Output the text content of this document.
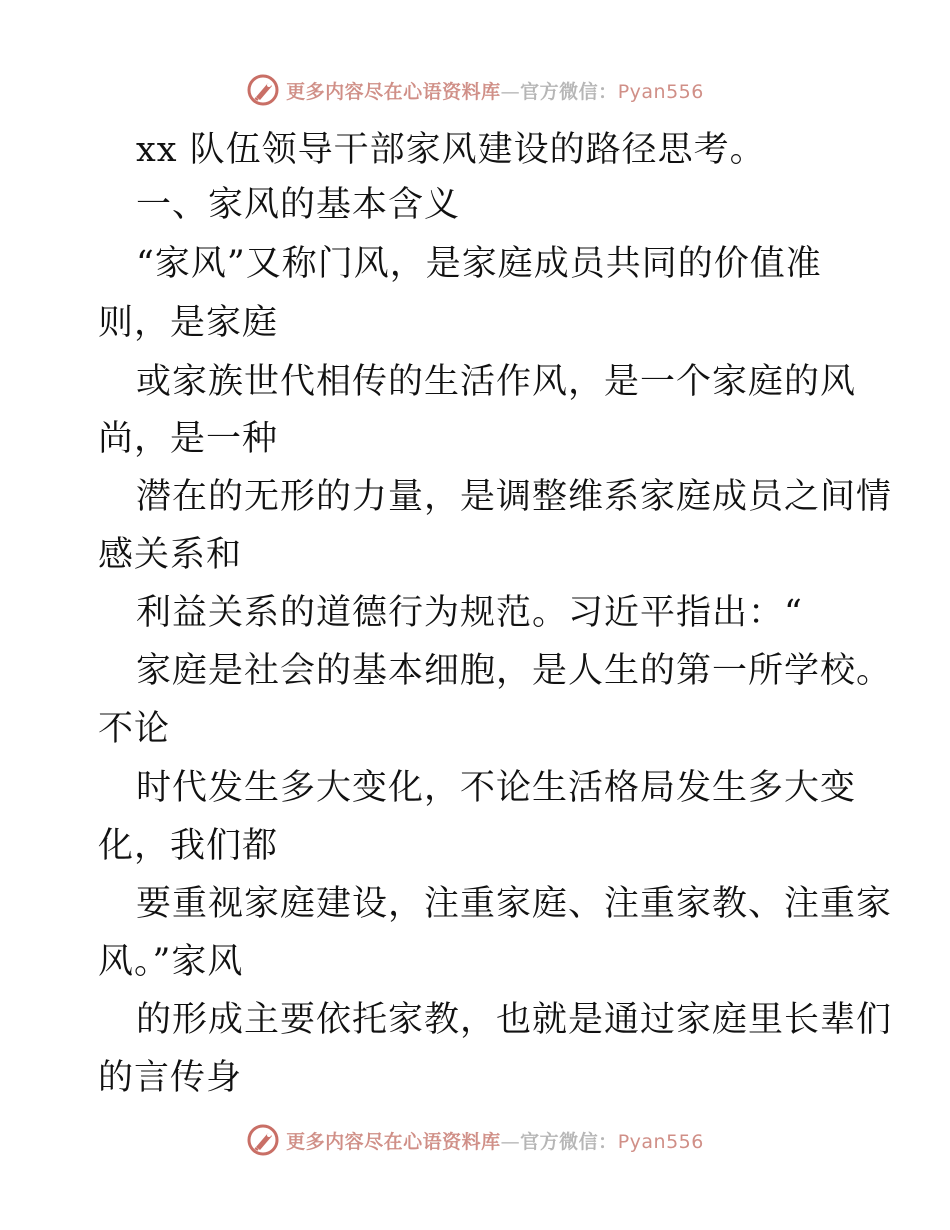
更多内容尽在心语资料库—官方微信：Pyan556
xx 队伍领导干部家风建设的路径思考。
一、家风的基本含义
“家风”又称门风，是家庭成员共同的价值准
则，是家庭
或家族世代相传的生活作风，是一个家庭的风
尚，是一种
潜在的无形的力量，是调整维系家庭成员之间情
感关系和
利益关系的道德行为规范。习近平指出：“
家庭是社会的基本细胞，是人生的第一所学校。
不论
时代发生多大变化，不论生活格局发生多大变
化，我们都
要重视家庭建设，注重家庭、注重家教、注重家
风。”家风
的形成主要依托家教，也就是通过家庭里长辈们
的言传身
更多内容尽在心语资料库—官方微信：Pyan556
